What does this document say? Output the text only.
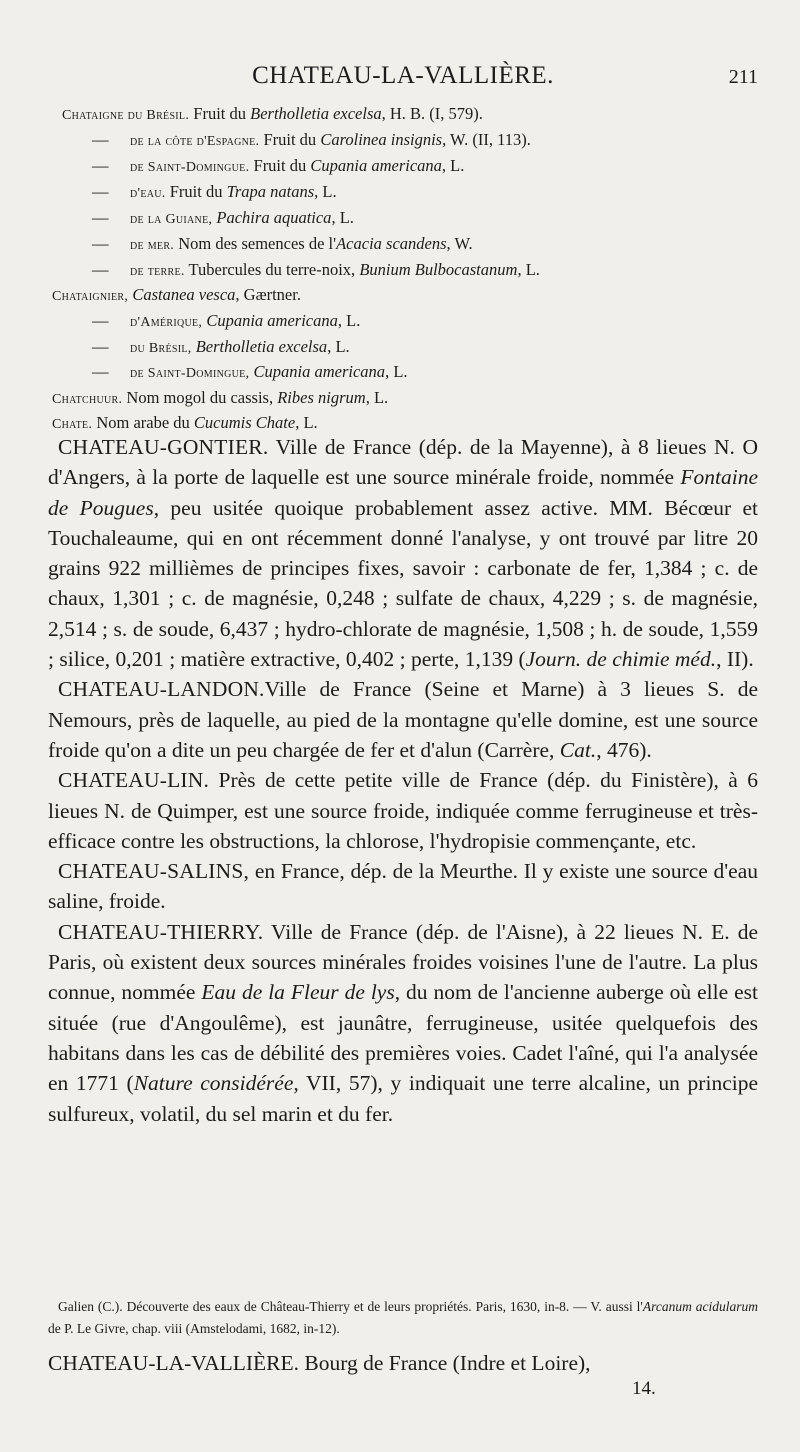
CHATEAU-LA-VALLIÈRE.	211
Chataigne du Brésil. Fruit du Bertholletia excelsa, H. B. (I, 579).
— de la côte d'Espagne. Fruit du Carolinea insignis, W. (II, 113).
— de Saint-Domingue. Fruit du Cupania americana, L.
— d'eau. Fruit du Trapa natans, L.
— de la Guiane, Pachira aquatica, L.
— de mer. Nom des semences de l'Acacia scandens, W.
— de terre. Tubercules du terre-noix, Bunium Bulbocastanum, L.
Chataignier, Castanea vesca, Gærtner.
— d'Amérique, Cupania americana, L.
— du Brésil, Bertholletia excelsa, L.
— de Saint-Domingue, Cupania americana, L.
Chatchuur. Nom mogol du cassis, Ribes nigrum, L.
Chate. Nom arabe du Cucumis Chate, L.

CHATEAU-GONTIER. Ville de France (dép. de la Mayenne), à 8 lieues N. O d'Angers, à la porte de laquelle est une source minérale froide, nommée Fontaine de Pougues, peu usitée quoique probablement assez active. MM. Bécœur et Touchaleaume, qui en ont récemment donné l'analyse, y ont trouvé par litre 20 grains 922 millièmes de principes fixes, savoir : carbonate de fer, 1,384 ; c. de chaux, 1,301 ; c. de magnésie, 0,248 ; sulfate de chaux, 4,229 ; s. de magnésie, 2,514 ; s. de soude, 6,437 ; hydro-chlorate de magnésie, 1,508 ; h. de soude, 1,559 ; silice, 0,201 ; matière extractive, 0,402 ; perte, 1,139 (Journ. de chimie méd., II).

CHATEAU-LANDON.Ville de France (Seine et Marne) à 3 lieues S. de Nemours, près de laquelle, au pied de la montagne qu'elle domine, est une source froide qu'on a dite un peu chargée de fer et d'alun (Carrère, Cat., 476).

CHATEAU-LIN. Près de cette petite ville de France (dép. du Finistère), à 6 lieues N. de Quimper, est une source froide, indiquée comme ferrugineuse et très-efficace contre les obstructions, la chlorose, l'hydropisie commençante, etc.

CHATEAU-SALINS, en France, dép. de la Meurthe. Il y existe une source d'eau saline, froide.

CHATEAU-THIERRY. Ville de France (dép. de l'Aisne), à 22 lieues N. E. de Paris, où existent deux sources minérales froides voisines l'une de l'autre. La plus connue, nommée Eau de la Fleur de lys, du nom de l'ancienne auberge où elle est située (rue d'Angoulême), est jaunâtre, ferrugineuse, usitée quelquefois des habitans dans les cas de débilité des premières voies. Cadet l'aîné, qui l'a analysée en 1771 (Nature considérée, VII, 57), y indiquait une terre alcaline, un principe sulfureux, volatil, du sel marin et du fer.

Galien (C.). Découverte des eaux de Château-Thierry et de leurs propriétés. Paris, 1630, in-8. — V. aussi l'Arcanum acidularum de P. Le Givre, chap. viii (Amstelodami, 1682, in-12).

CHATEAU-LA-VALLIÈRE. Bourg de France (Indre et Loire),
14.
